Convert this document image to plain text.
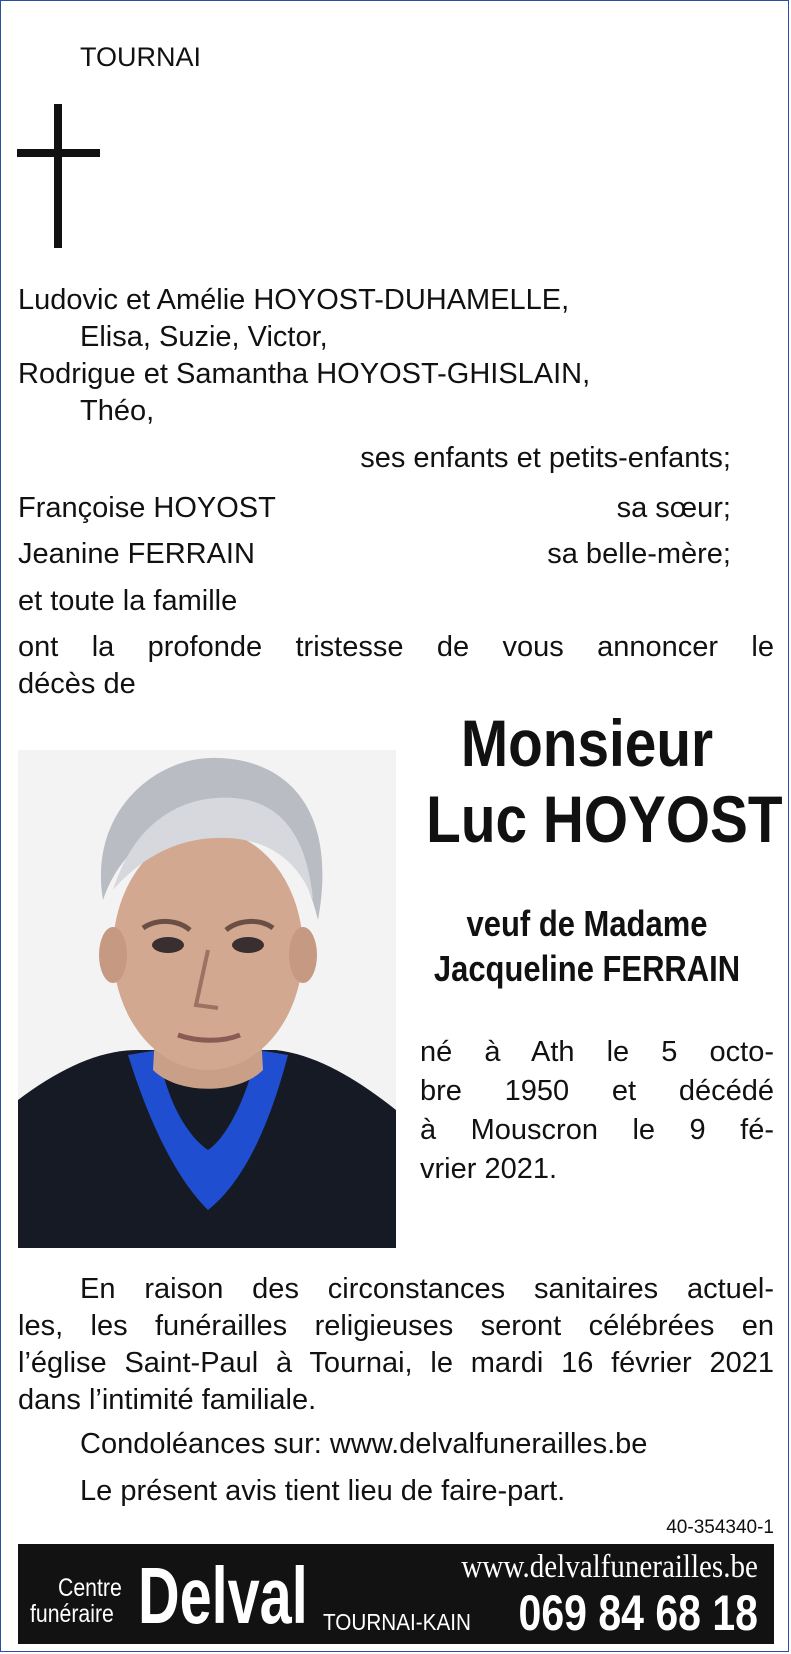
TOURNAI
Ludovic et Amélie HOYOST-DUHAMELLE,
Elisa, Suzie, Victor,
Rodrigue et Samantha HOYOST-GHISLAIN,
Théo,
ses enfants et petits-enfants;
Françoise HOYOST	sa sœur;
Jeanine FERRAIN	sa belle-mère;
et toute la famille
ont la profonde tristesse de vous annoncer le
décès de
Monsieur
Luc HOYOST
veuf de Madame
Jacqueline FERRAIN
né à Ath le 5 octo-
bre 1950 et décédé
à Mouscron le 9 fé-
vrier 2021.
En raison des circonstances sanitaires actuel-
les, les funérailles religieuses seront célébrées en
l’église Saint-Paul à Tournai, le mardi 16 février 2021
dans l’intimité familiale.
Condoléances sur: www.delvalfunerailles.be
Le présent avis tient lieu de faire-part.
40-354340-1
Centre
funéraire Delval TOURNAI-KAIN
www.delvalfunerailles.be
069 84 68 18
